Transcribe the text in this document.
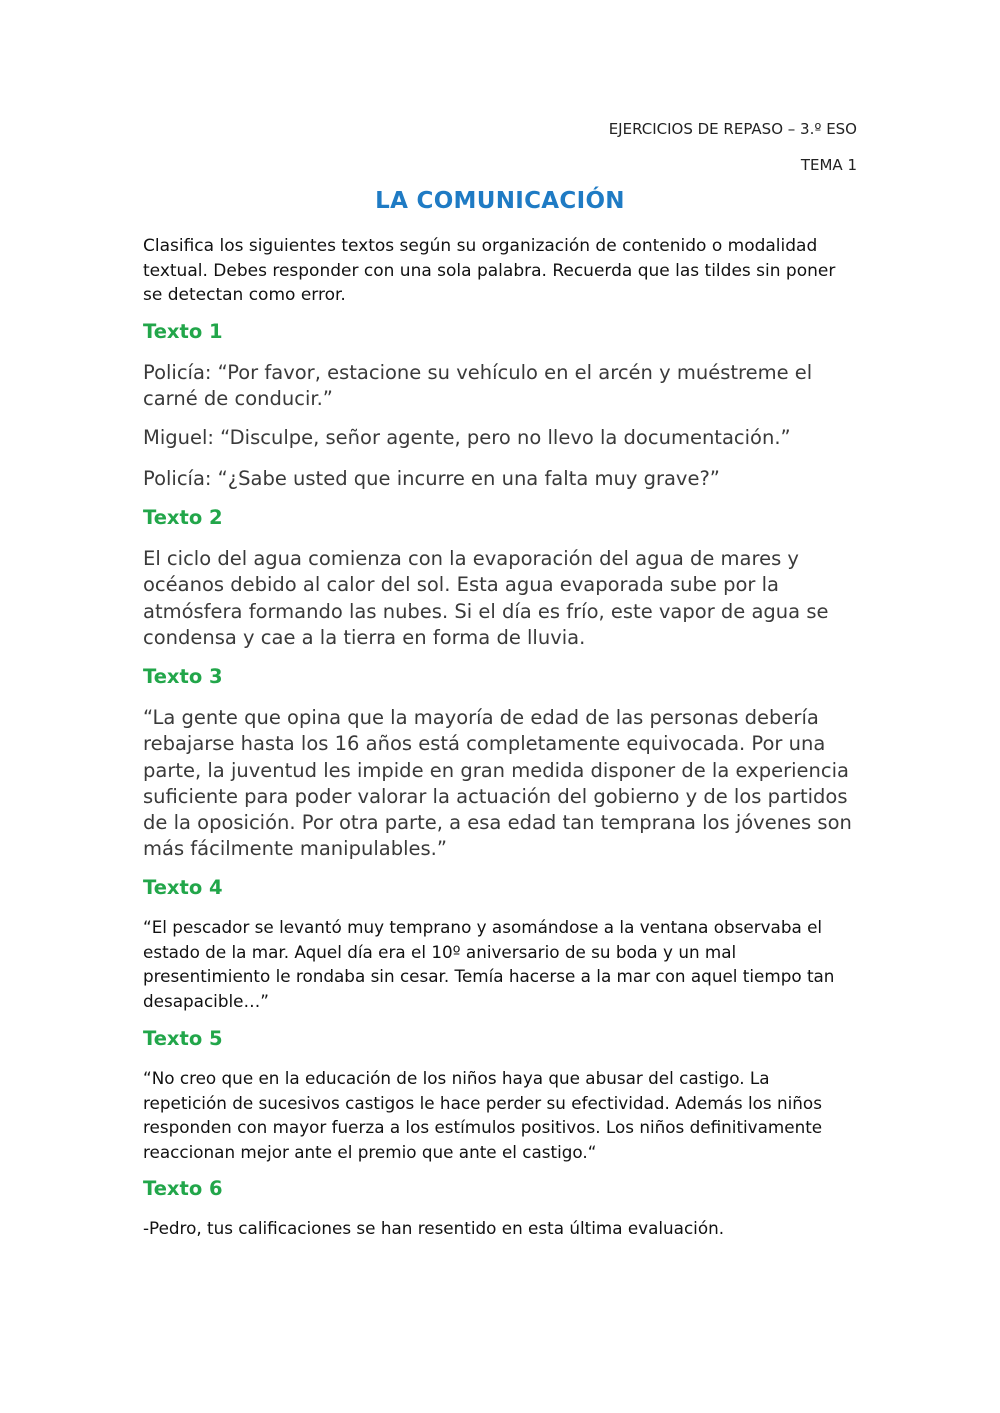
EJERCICIOS DE REPASO – 3.º ESO
TEMA 1
LA COMUNICACIÓN

Clasifica los siguientes textos según su organización de contenido o modalidad textual. Debes responder con una sola palabra. Recuerda que las tildes sin poner se detectan como error.

Texto 1

Policía: “Por favor, estacione su vehículo en el arcén y muéstreme el carné de conducir.”

Miguel: “Disculpe, señor agente, pero no llevo la documentación.”

Policía: “¿Sabe usted que incurre en una falta muy grave?”

Texto 2

El ciclo del agua comienza con la evaporación del agua de mares y océanos debido al calor del sol. Esta agua evaporada sube por la atmósfera formando las nubes. Si el día es frío, este vapor de agua se condensa y cae a la tierra en forma de lluvia.

Texto 3

“La gente que opina que la mayoría de edad de las personas debería rebajarse hasta los 16 años está completamente equivocada. Por una parte, la juventud les impide en gran medida disponer de la experiencia suficiente para poder valorar la actuación del gobierno y de los partidos de la oposición. Por otra parte, a esa edad tan temprana los jóvenes son más fácilmente manipulables.”

Texto 4

“El pescador se levantó muy temprano y asomándose a la ventana observaba el estado de la mar. Aquel día era el 10º aniversario de su boda y un mal presentimiento le rondaba sin cesar. Temía hacerse a la mar con aquel tiempo tan desapacible…”

Texto 5

“No creo que en la educación de los niños haya que abusar del castigo. La repetición de sucesivos castigos le hace perder su efectividad. Además los niños responden con mayor fuerza a los estímulos positivos. Los niños definitivamente reaccionan mejor ante el premio que ante el castigo.“

Texto 6

-Pedro, tus calificaciones se han resentido en esta última evaluación.
